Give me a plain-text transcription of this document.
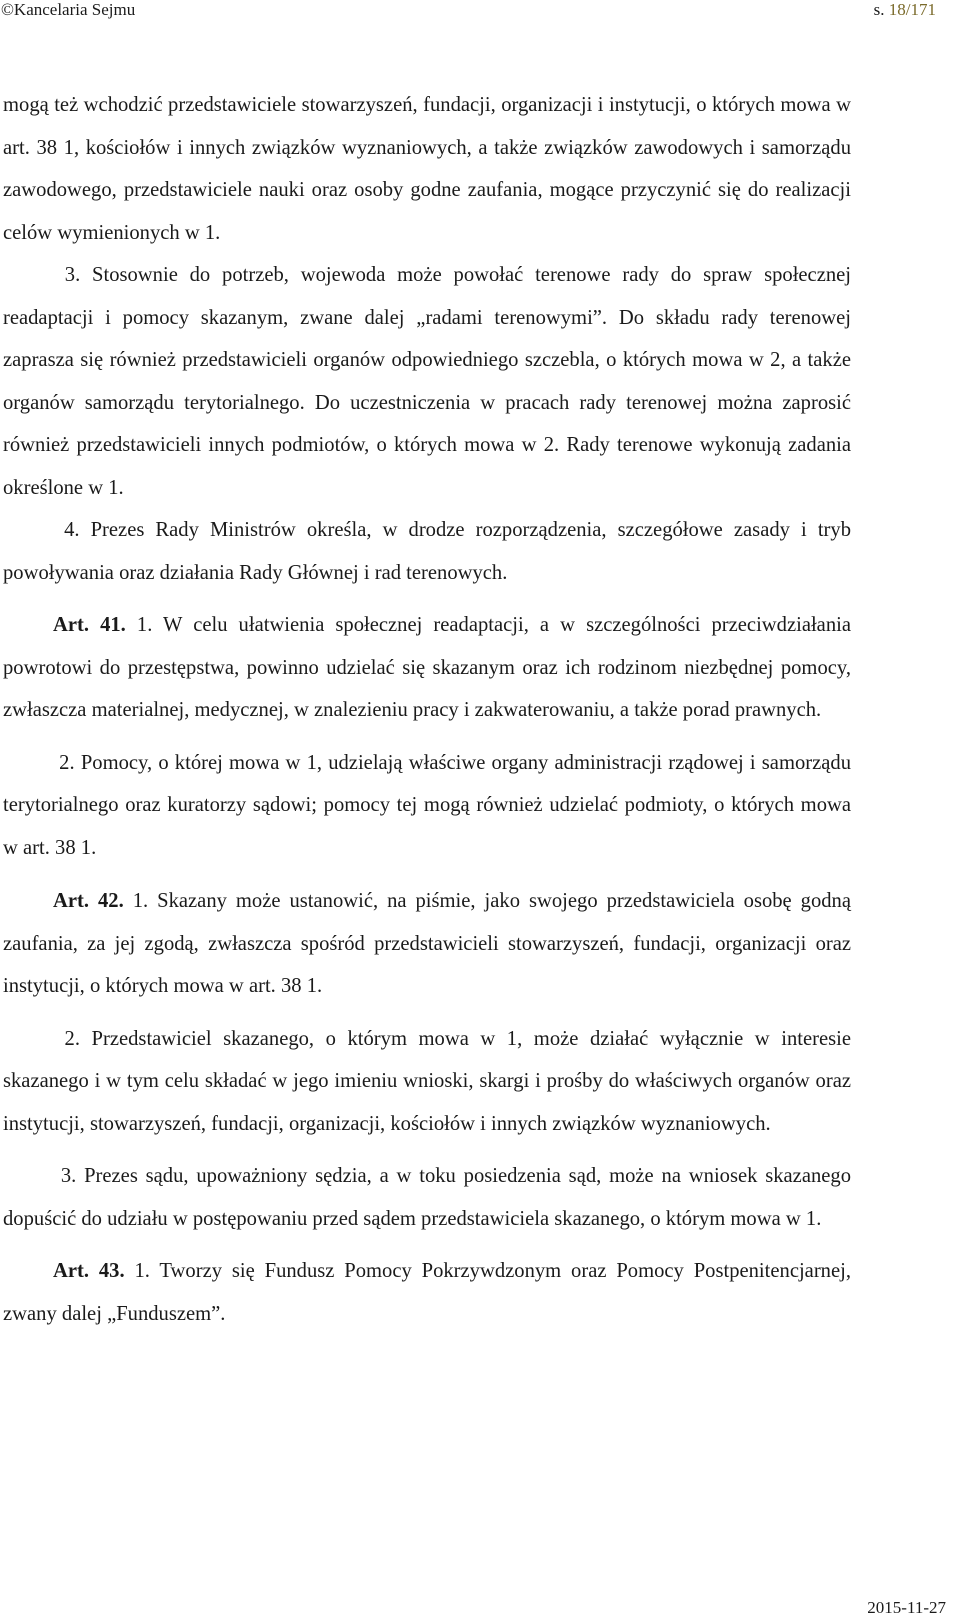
©Kancelaria Sejmu	s. 18/171

mogą też wchodzić przedstawiciele stowarzyszeń, fundacji, organizacji i instytucji, o których mowa w art. 38 1, kościołów i innych związków wyznaniowych, a także związków zawodowych i samorządu zawodowego, przedstawiciele nauki oraz osoby godne zaufania, mogące przyczynić się do realizacji celów wymienionych w 1.

3. Stosownie do potrzeb, wojewoda może powołać terenowe rady do spraw społecznej readaptacji i pomocy skazanym, zwane dalej „radami terenowymi”. Do składu rady terenowej zaprasza się również przedstawicieli organów odpowiedniego szczebla, o których mowa w 2, a także organów samorządu terytorialnego. Do uczestniczenia w pracach rady terenowej można zaprosić również przedstawicieli innych podmiotów, o których mowa w 2. Rady terenowe wykonują zadania określone w 1.

4. Prezes Rady Ministrów określa, w drodze rozporządzenia, szczegółowe zasady i tryb powoływania oraz działania Rady Głównej i rad terenowych.

Art. 41. 1. W celu ułatwienia społecznej readaptacji, a w szczególności przeciwdziałania powrotowi do przestępstwa, powinno udzielać się skazanym oraz ich rodzinom niezbędnej pomocy, zwłaszcza materialnej, medycznej, w znalezieniu pracy i zakwaterowaniu, a także porad prawnych.

2. Pomocy, o której mowa w 1, udzielają właściwe organy administracji rządowej i samorządu terytorialnego oraz kuratorzy sądowi; pomocy tej mogą również udzielać podmioty, o których mowa w art. 38 1.

Art. 42. 1. Skazany może ustanowić, na piśmie, jako swojego przedstawiciela osobę godną zaufania, za jej zgodą, zwłaszcza spośród przedstawicieli stowarzyszeń, fundacji, organizacji oraz instytucji, o których mowa w art. 38 1.

2. Przedstawiciel skazanego, o którym mowa w 1, może działać wyłącznie w interesie skazanego i w tym celu składać w jego imieniu wnioski, skargi i prośby do właściwych organów oraz instytucji, stowarzyszeń, fundacji, organizacji, kościołów i innych związków wyznaniowych.

3. Prezes sądu, upoważniony sędzia, a w toku posiedzenia sąd, może na wniosek skazanego dopuścić do udziału w postępowaniu przed sądem przedstawiciela skazanego, o którym mowa w 1.

Art. 43. 1. Tworzy się Fundusz Pomocy Pokrzywdzonym oraz Pomocy Postpenitencjarnej, zwany dalej „Funduszem”.

2015-11-27
